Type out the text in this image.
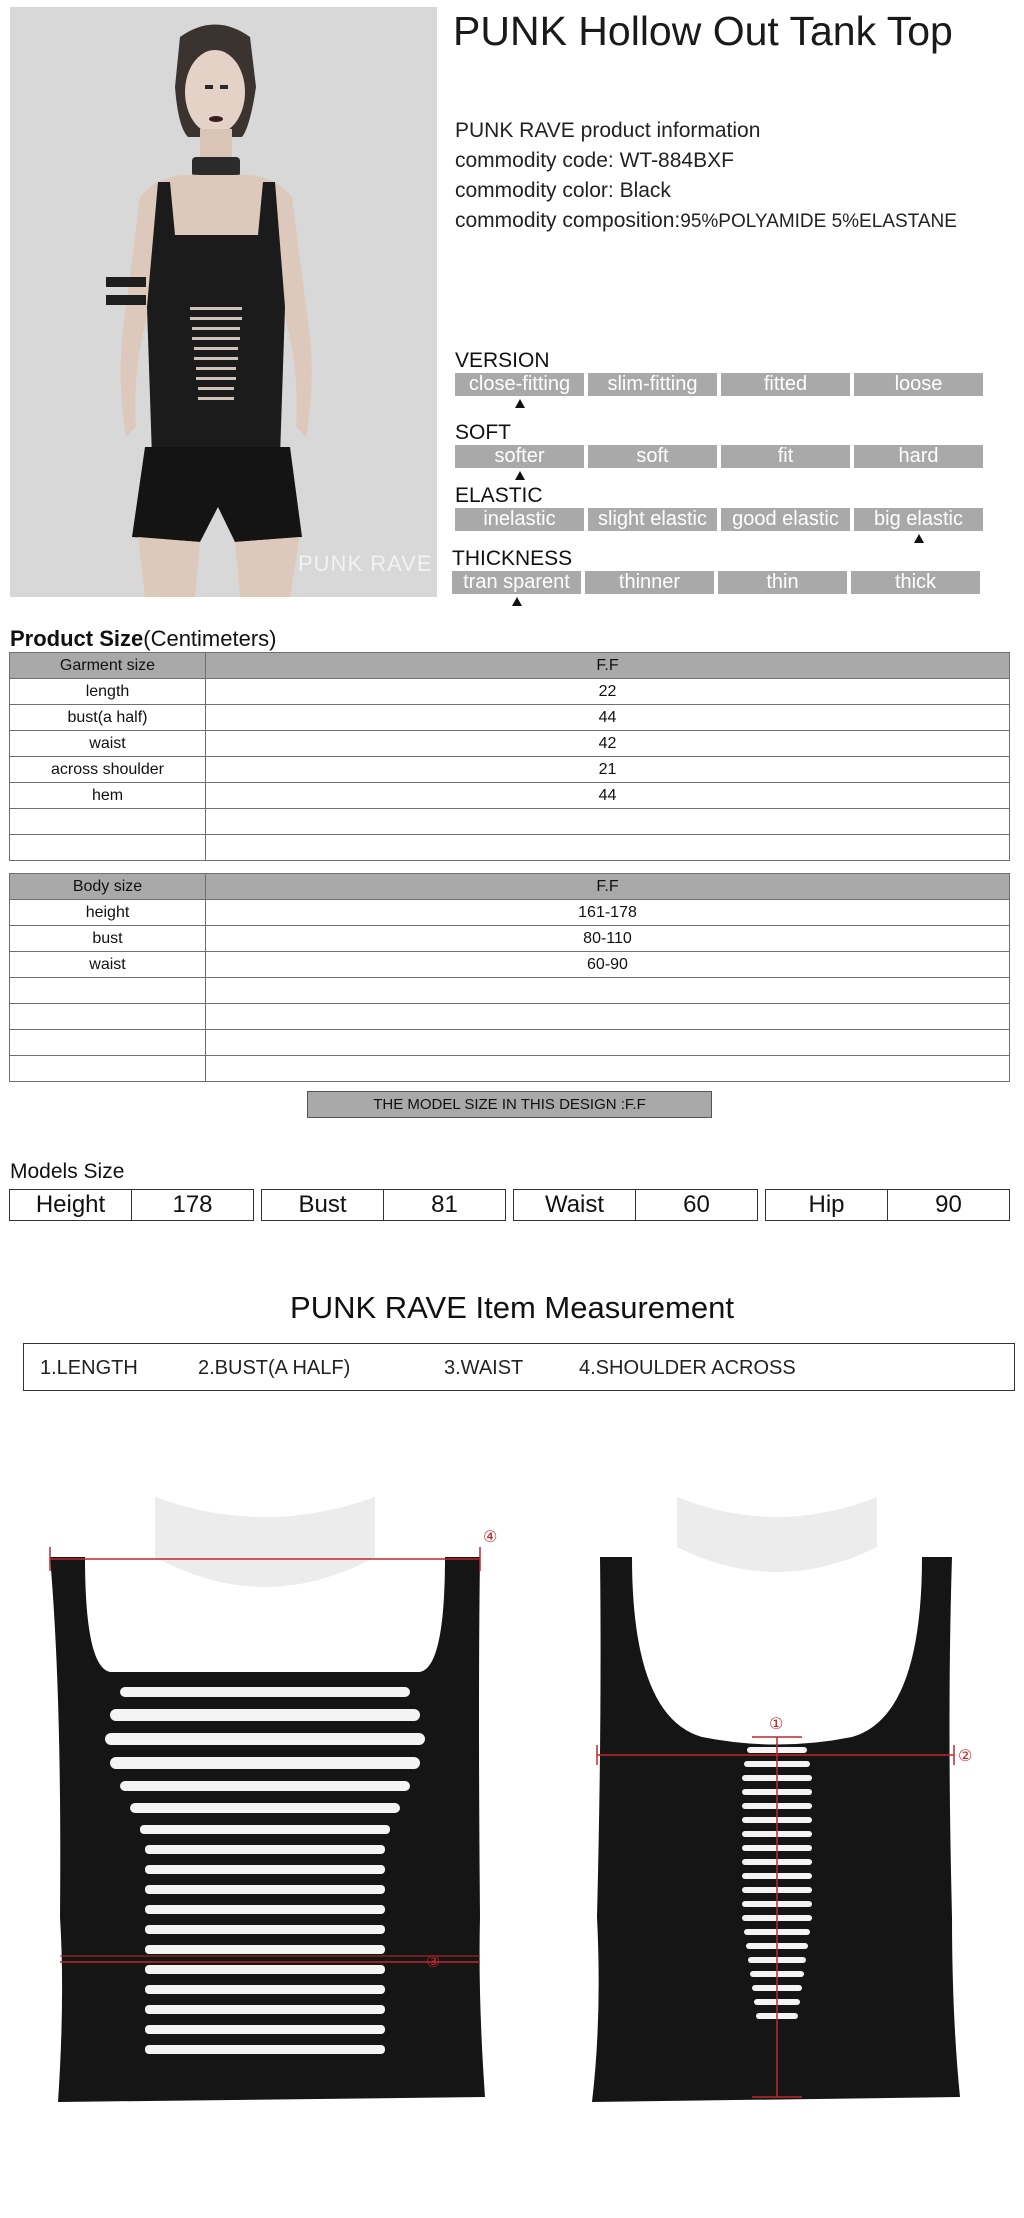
PUNK RAVE
PUNK Hollow Out Tank Top
PUNK RAVE product information
commodity code: WT-884BXF
commodity color: Black
commodity composition:95%POLYAMIDE 5%ELASTANE
VERSION
close-fitting	slim-fitting	fitted	loose
SOFT
softer	soft	fit	hard
ELASTIC
inelastic	slight elastic	good elastic	big elastic
THICKNESS
tran sparent	thinner	thin	thick
Product Size(Centimeters)
Garment size	F.F
length	22
bust(a half)	44
waist	42
across shoulder	21
hem	44

Body size	F.F
height	161-178
bust	80-110
waist	60-90

THE MODEL SIZE IN THIS DESIGN :F.F
Models Size
Height	178	Bust	81	Waist	60	Hip	90
PUNK RAVE Item Measurement
1.LENGTH	2.BUST(A HALF)	3.WAIST	4.SHOULDER ACROSS
④
③
①
②
